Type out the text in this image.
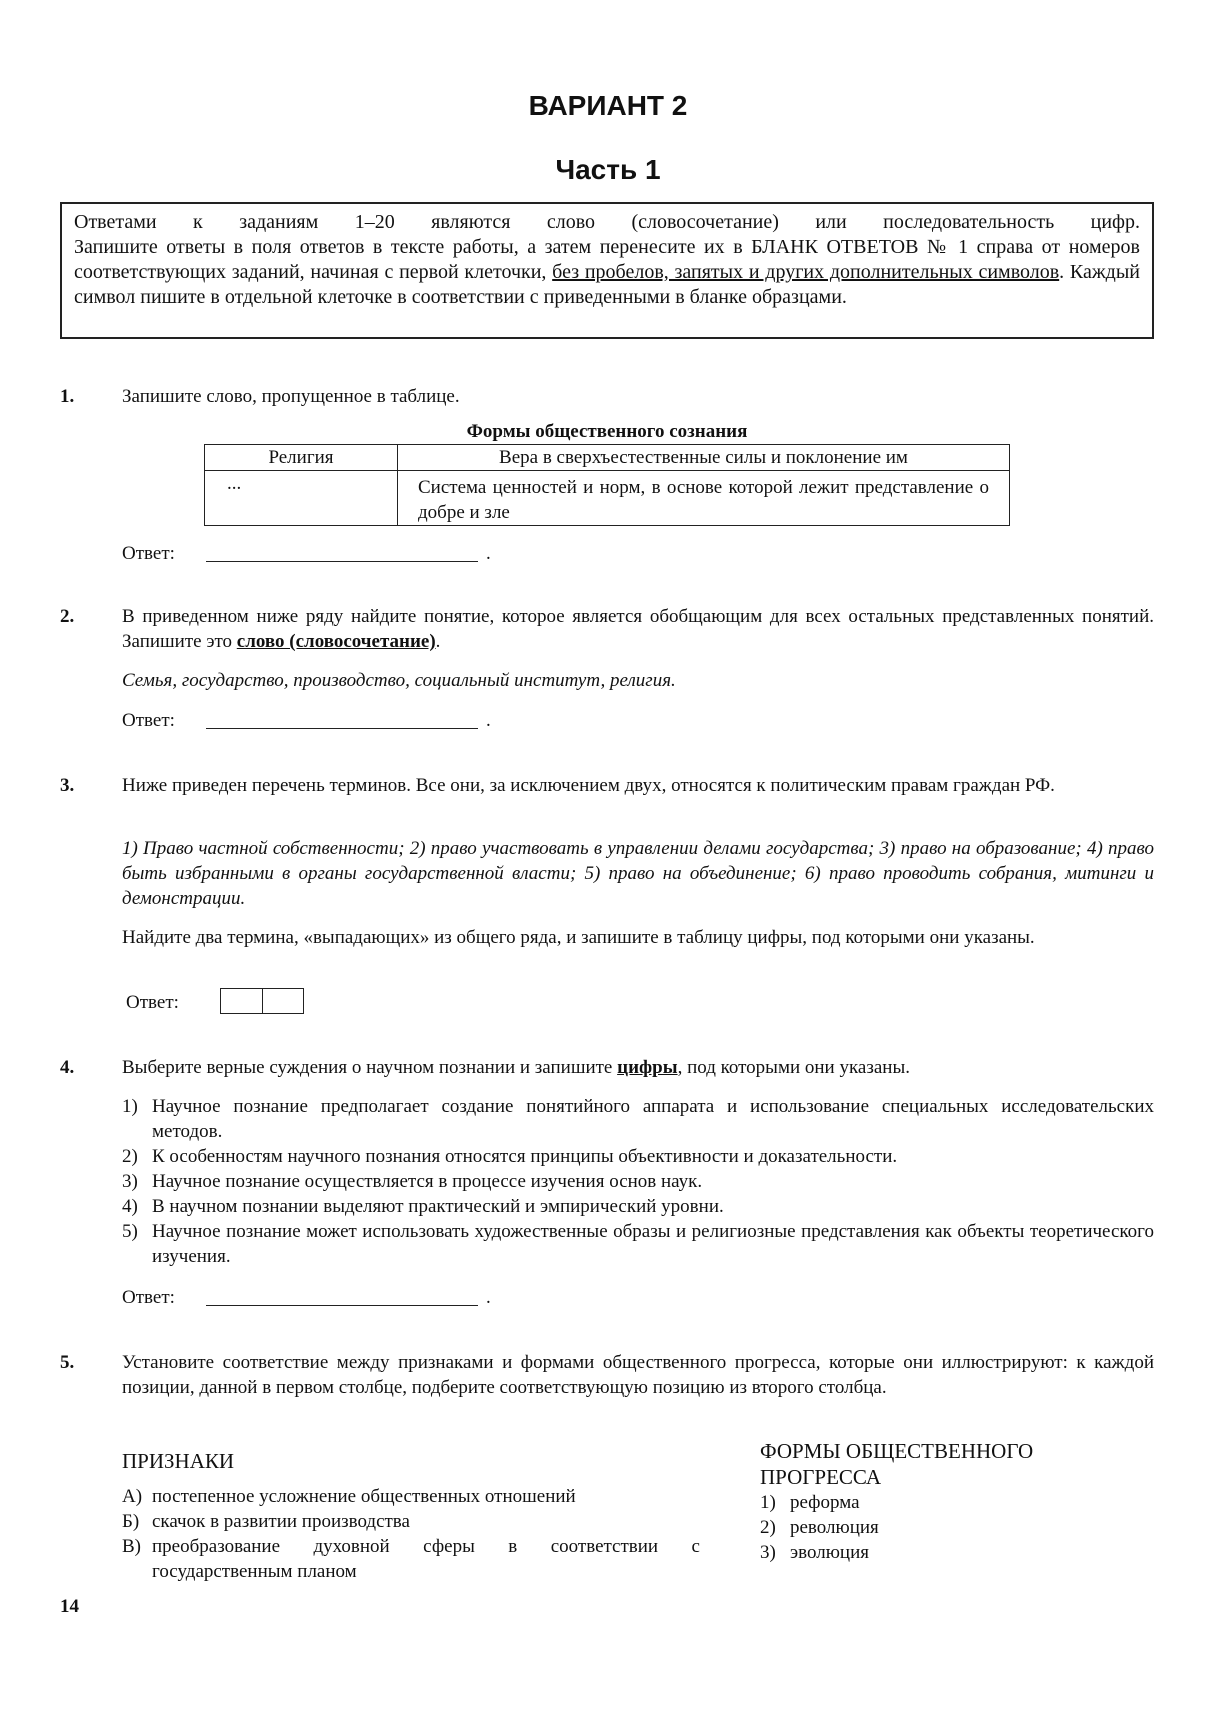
ВАРИАНТ 2
Часть 1
Ответами к заданиям 1–20 являются слово (словосочетание) или последовательность цифр.
Запишите ответы в поля ответов в тексте работы, а затем перенесите их в БЛАНК ОТВЕТОВ № 1 справа от номеров соответствующих заданий, начиная с первой клеточки, без пробелов, запятых и других дополнительных символов. Каждый символ пишите в отдельной клеточке в соответствии с приведенными в бланке образцами.
1.	Запишите слово, пропущенное в таблице.
Формы общественного сознания
Религия	Вера в сверхъестественные силы и поклонение им
...	Система ценностей и норм, в основе которой лежит представление о добре и зле
Ответ:	.
2.	В приведенном ниже ряду найдите понятие, которое является обобщающим для всех остальных представленных понятий. Запишите это слово (словосочетание).
Семья, государство, производство, социальный институт, религия.
Ответ:	.
3.	Ниже приведен перечень терминов. Все они, за исключением двух, относятся к политическим правам граждан РФ.
1) Право частной собственности; 2) право участвовать в управлении делами государства; 3) право на образование; 4) право быть избранными в органы государственной власти; 5) право на объединение; 6) право проводить собрания, митинги и демонстрации.
Найдите два термина, «выпадающих» из общего ряда, и запишите в таблицу цифры, под которыми они указаны.
Ответ:
4.	Выберите верные суждения о научном познании и запишите цифры, под которыми они указаны.
1) Научное познание предполагает создание понятийного аппарата и использование специальных исследовательских методов.
2) К особенностям научного познания относятся принципы объективности и доказательности.
3) Научное познание осуществляется в процессе изучения основ наук.
4) В научном познании выделяют практический и эмпирический уровни.
5) Научное познание может использовать художественные образы и религиозные представления как объекты теоретического изучения.
Ответ:	.
5.	Установите соответствие между признаками и формами общественного прогресса, которые они иллюстрируют: к каждой позиции, данной в первом столбце, подберите соответствующую позицию из второго столбца.
ПРИЗНАКИ
А) постепенное усложнение общественных отношений
Б) скачок в развитии производства
В) преобразование духовной сферы в соответствии с государственным планом
ФОРМЫ ОБЩЕСТВЕННОГО ПРОГРЕССА
1) реформа
2) революция
3) эволюция
14
